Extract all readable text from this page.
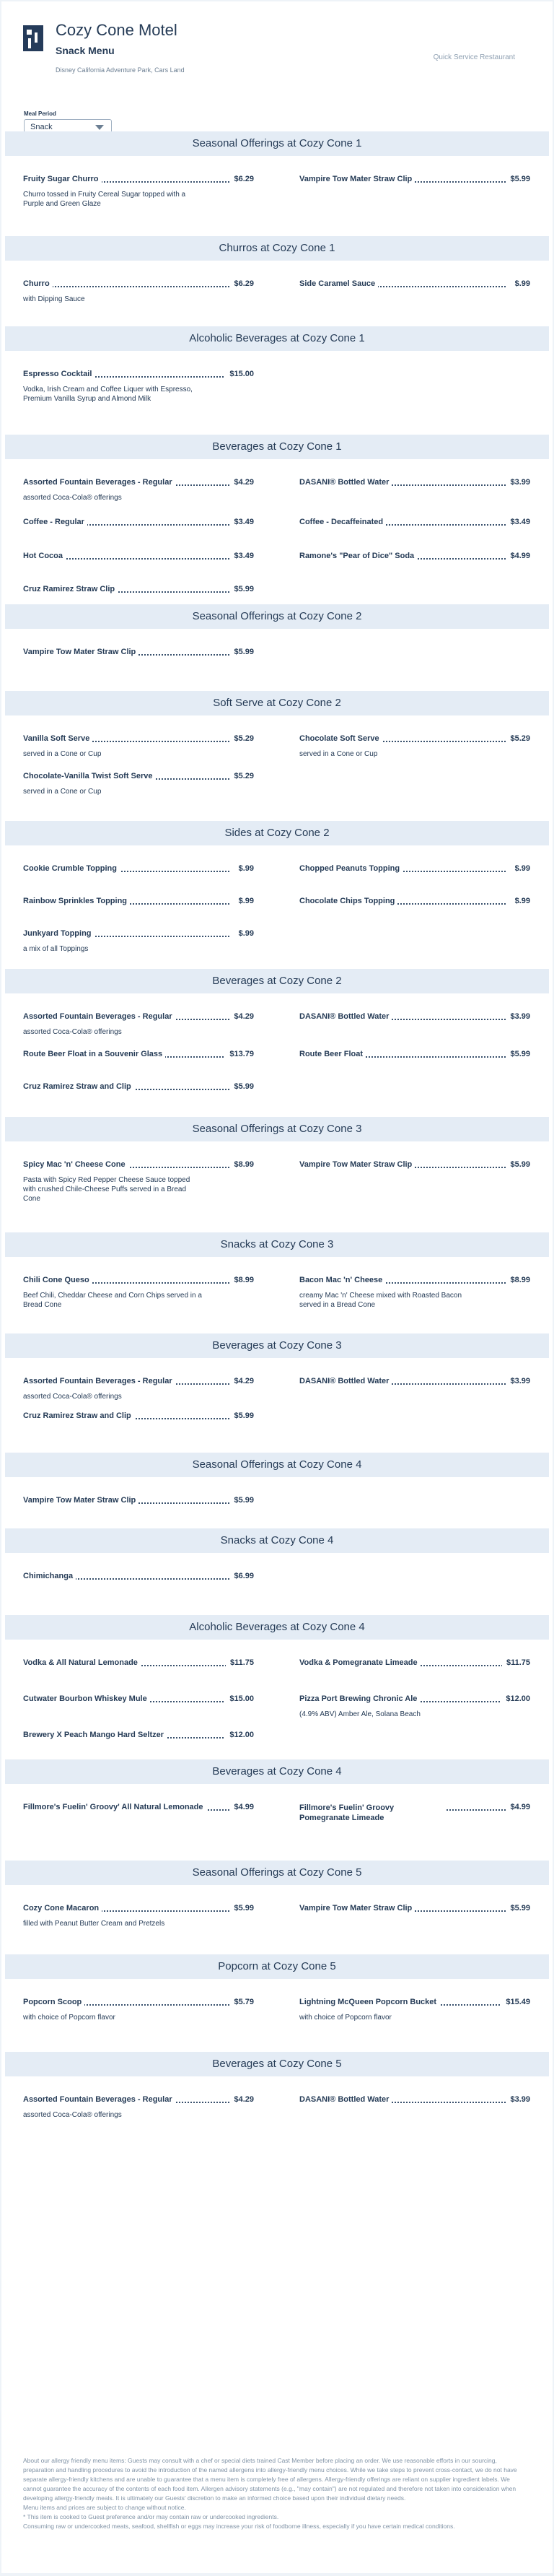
Cozy Cone Motel

Snack Menu

Disney California Adventure Park, Cars Land

Quick Service Restaurant

Meal Period

Snack
Seasonal Offerings at Cozy Cone 1
Fruity Sugar Churro	$6.29
Churro tossed in Fruity Cereal Sugar topped with a Purple and Green Glaze
Vampire Tow Mater Straw Clip	$5.99
Churros at Cozy Cone 1
Churro	$6.29
with Dipping Sauce
Side Caramel Sauce	$.99
Alcoholic Beverages at Cozy Cone 1
Espresso Cocktail	$15.00
Vodka, Irish Cream and Coffee Liquer with Espresso, Premium Vanilla Syrup and Almond Milk
Beverages at Cozy Cone 1
Assorted Fountain Beverages - Regular	$4.29
assorted Coca-Cola® offerings
DASANI® Bottled Water	$3.99
Coffee - Regular	$3.49	Coffee - Decaffeinated	$3.49
Hot Cocoa	$3.49	Ramone's "Pear of Dice" Soda	$4.99
Cruz Ramirez Straw Clip	$5.99
Seasonal Offerings at Cozy Cone 2
Vampire Tow Mater Straw Clip	$5.99
Soft Serve at Cozy Cone 2
Vanilla Soft Serve	$5.29
served in a Cone or Cup
Chocolate Soft Serve	$5.29
served in a Cone or Cup
Chocolate-Vanilla Twist Soft Serve	$5.29
served in a Cone or Cup
Sides at Cozy Cone 2
Cookie Crumble Topping	$.99	Chopped Peanuts Topping	$.99
Rainbow Sprinkles Topping	$.99	Chocolate Chips Topping	$.99
Junkyard Topping	$.99
a mix of all Toppings
Beverages at Cozy Cone 2
Assorted Fountain Beverages - Regular	$4.29
assorted Coca-Cola® offerings
DASANI® Bottled Water	$3.99
Route Beer Float in a Souvenir Glass	$13.79	Route Beer Float	$5.99
Cruz Ramirez Straw and Clip	$5.99
Seasonal Offerings at Cozy Cone 3
Spicy Mac 'n' Cheese Cone	$8.99
Pasta with Spicy Red Pepper Cheese Sauce topped with crushed Chile-Cheese Puffs served in a Bread Cone
Vampire Tow Mater Straw Clip	$5.99
Snacks at Cozy Cone 3
Chili Cone Queso	$8.99
Beef Chili, Cheddar Cheese and Corn Chips served in a Bread Cone
Bacon Mac 'n' Cheese	$8.99
creamy Mac 'n' Cheese mixed with Roasted Bacon served in a Bread Cone
Beverages at Cozy Cone 3
Assorted Fountain Beverages - Regular	$4.29
assorted Coca-Cola® offerings
DASANI® Bottled Water	$3.99
Cruz Ramirez Straw and Clip	$5.99
Seasonal Offerings at Cozy Cone 4
Vampire Tow Mater Straw Clip	$5.99
Snacks at Cozy Cone 4
Chimichanga	$6.99
Alcoholic Beverages at Cozy Cone 4
Vodka & All Natural Lemonade	$11.75	Vodka & Pomegranate Limeade	$11.75
Cutwater Bourbon Whiskey Mule	$15.00	Pizza Port Brewing Chronic Ale	$12.00
(4.9% ABV) Amber Ale, Solana Beach
Brewery X Peach Mango Hard Seltzer	$12.00
Beverages at Cozy Cone 4
Fillmore's Fuelin' Groovy' All Natural Lemonade	$4.99	Fillmore's Fuelin' Groovy Pomegranate Limeade
$4.99
Seasonal Offerings at Cozy Cone 5
Cozy Cone Macaron	$5.99
filled with Peanut Butter Cream and Pretzels
Vampire Tow Mater Straw Clip	$5.99
Popcorn at Cozy Cone 5
Popcorn Scoop	$5.79
with choice of Popcorn flavor
Lightning McQueen Popcorn Bucket	$15.49
with choice of Popcorn flavor
Beverages at Cozy Cone 5
Assorted Fountain Beverages - Regular	$4.29
assorted Coca-Cola® offerings
DASANI® Bottled Water	$3.99

About our allergy friendly menu items: Guests may consult with a chef or special diets trained Cast Member before placing an order. We use reasonable efforts in our sourcing, preparation and handling procedures to avoid the introduction of the named allergens into allergy-friendly menu choices. While we take steps to prevent cross-contact, we do not have separate allergy-friendly kitchens and are unable to guarantee that a menu item is completely free of allergens. Allergy-friendly offerings are reliant on supplier ingredient labels. We cannot guarantee the accuracy of the contents of each food item. Allergen advisory statements (e.g., "may contain") are not regulated and therefore not taken into consideration when developing allergy-friendly meals. It is ultimately our Guests' discretion to make an informed choice based upon their individual dietary needs.

Menu items and prices are subject to change without notice.

* This item is cooked to Guest preference and/or may contain raw or undercooked ingredients.

Consuming raw or undercooked meats, seafood, shellfish or eggs may increase your risk of foodborne illness, especially if you have certain medical conditions.
